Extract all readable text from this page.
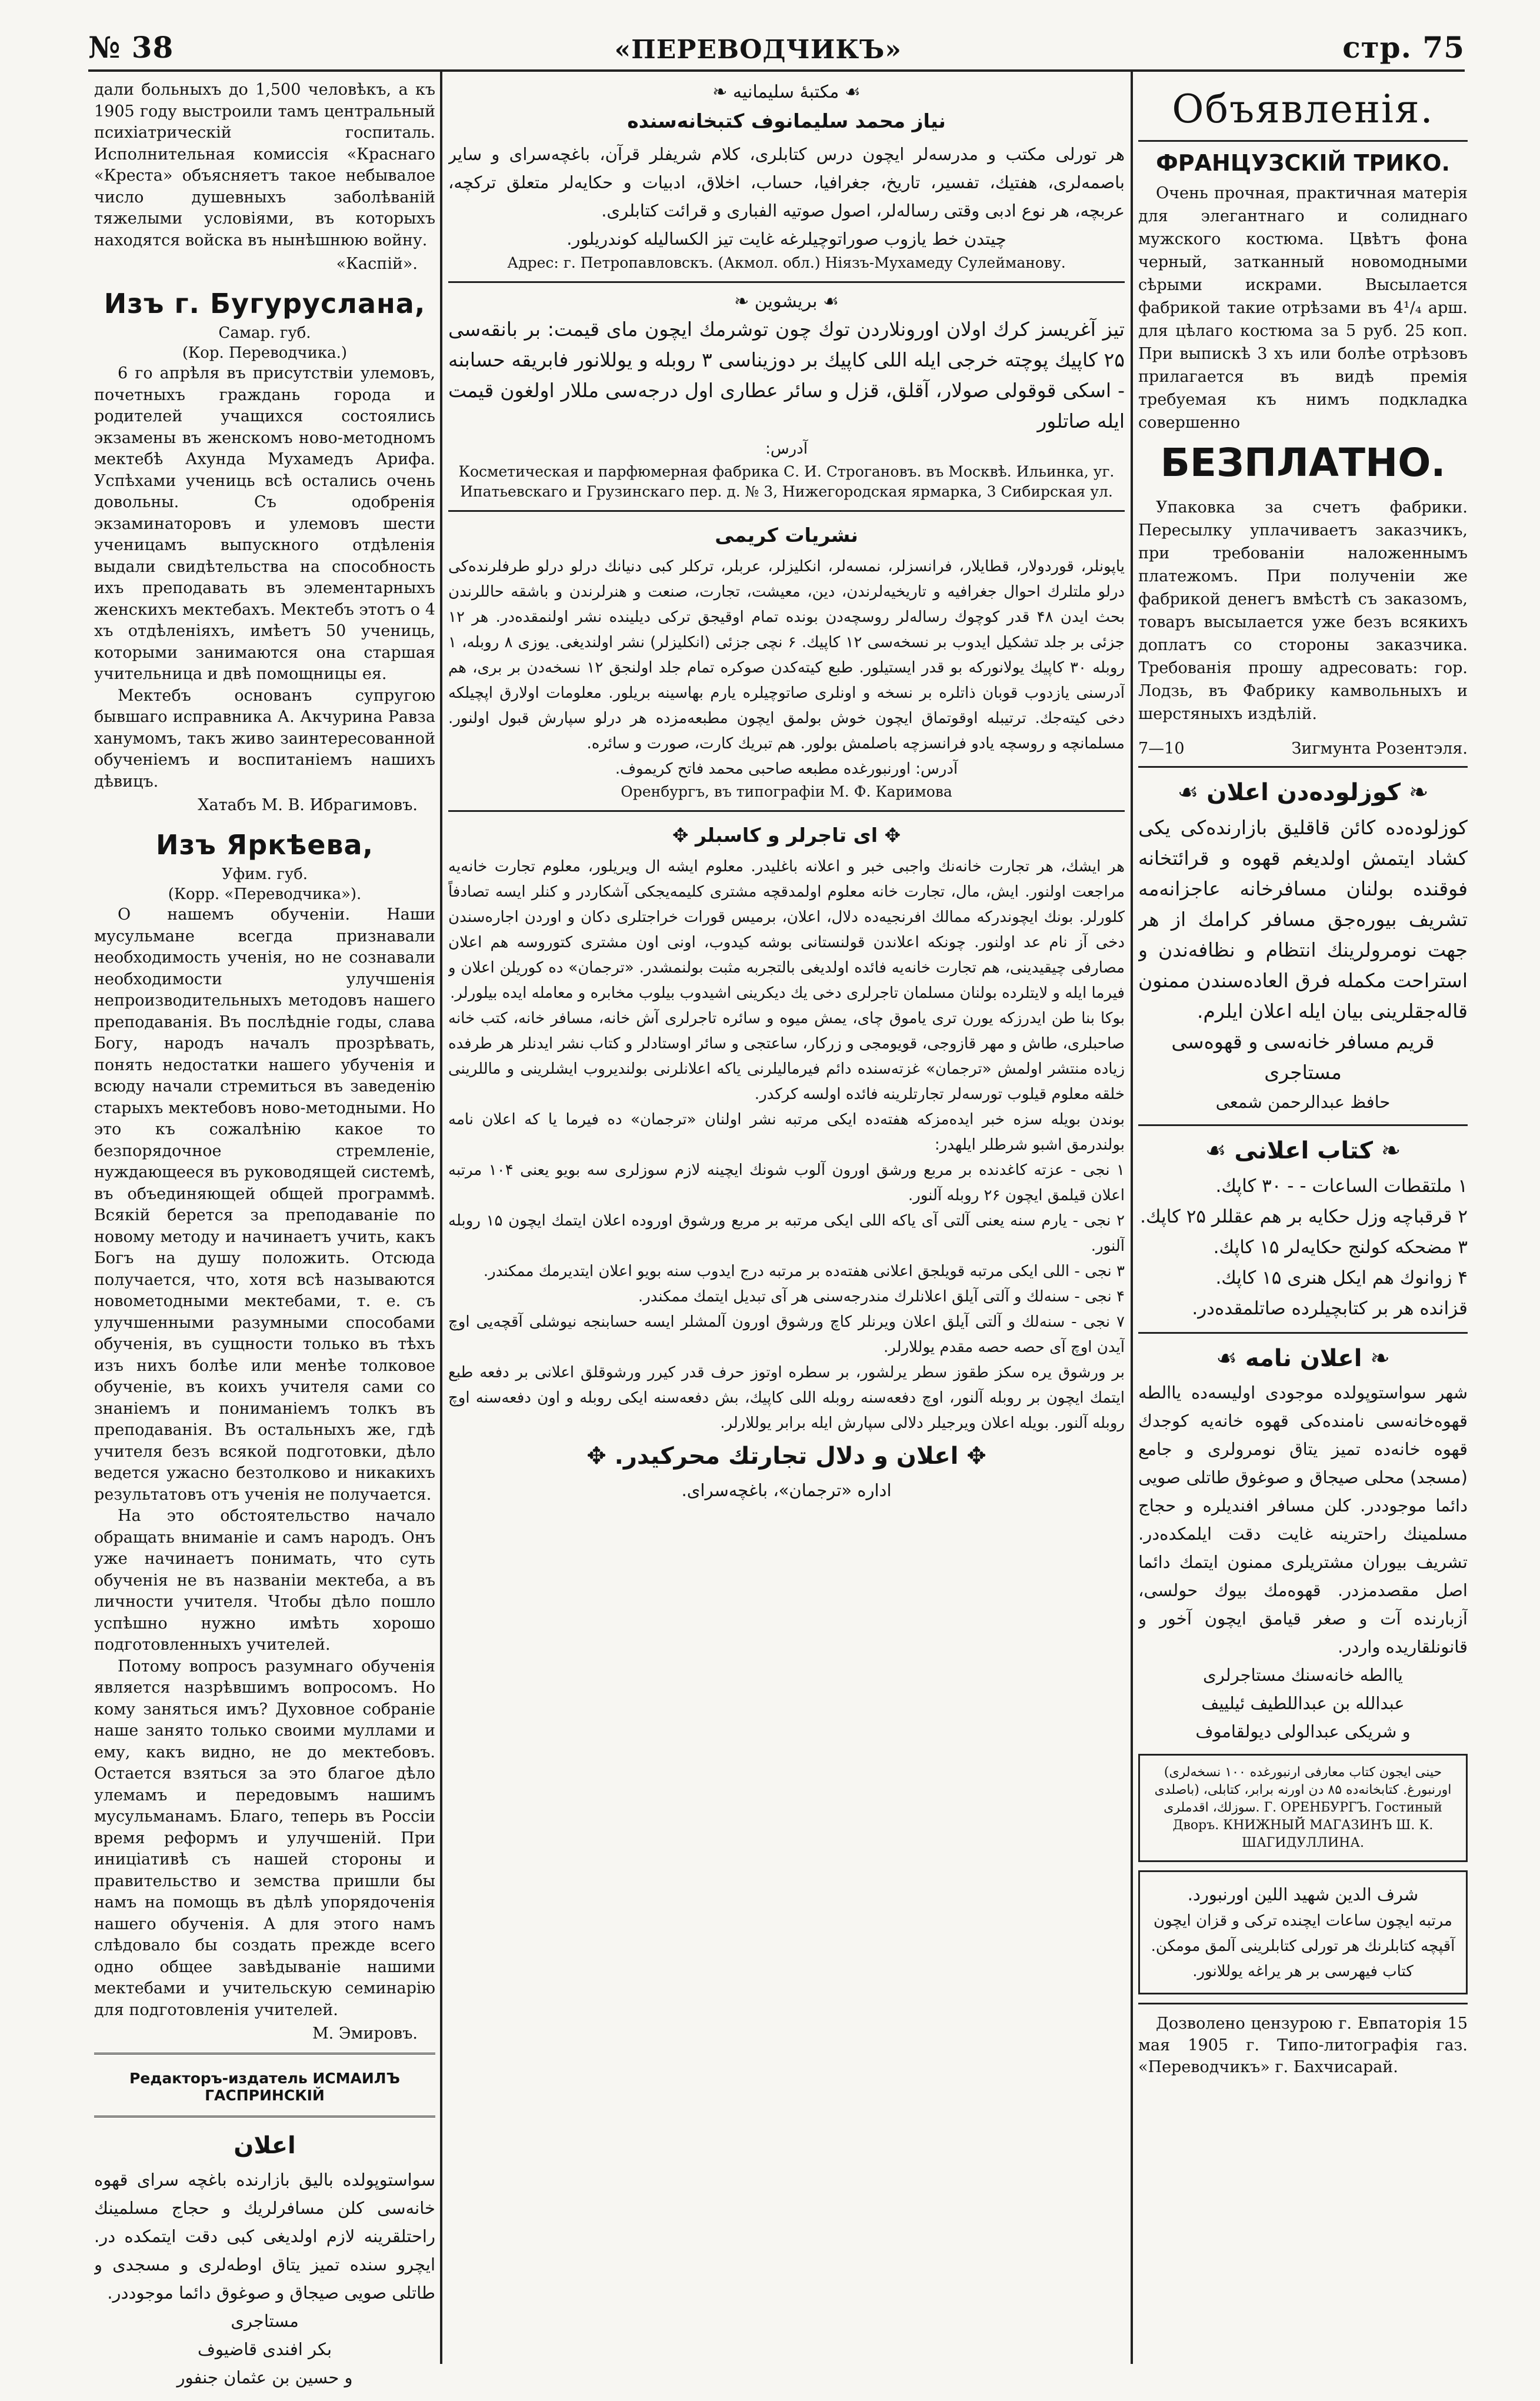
№ 38	«ПЕРЕВОДЧИКЪ»	стр. 75

дали больныхъ до 1,500 человѣкъ, а къ 1905 году выстроили тамъ центральный психіатрическій госпиталь. Исполнительная комиссія «Краснаго «Креста» объясняетъ такое небывалое число душевныхъ заболѣваній тяжелыми условіями, въ которыхъ находятся войска въ нынѣшнюю войну.

«Каспій».

Изъ г. Бугуруслана,

Самар. губ.

(Кор. Переводчика.)

6 го апрѣля въ присутствіи улемовъ, почетныхъ граждань города и родителей учащихся состоялись экзамены въ женскомъ ново-методномъ мектебѣ Ахунда Мухамедъ Арифа. Успѣхами учениць всѣ остались очень довольны. Съ одобренія экзаминаторовъ и улемовъ шести ученицамъ выпускного отдѣленія выдали свидѣтельства на способность ихъ преподавать въ элементарныхъ женскихъ мектебахъ. Мектебъ этотъ о 4 хъ отдѣленіяхъ, имѣетъ 50 учениць, которыми занимаются она старшая учительница и двѣ помощницы ея.

Мектебъ основанъ супругою бывшаго исправника А. Акчурина Равза ханумомъ, такъ живо заинтересованной обученіемъ и воспитаніемъ нашихъ дѣвицъ.

Хатабъ М. В. Ибрагимовъ.

Изъ Яркѣева,

Уфим. губ.

(Корр. «Переводчика»).

О нашемъ обученіи. Наши мусульмане всегда признавали необходимость ученія, но не сознавали необходимости улучшенія непроизводительныхъ методовъ нашего преподаванія. Въ послѣдніе годы, слава Богу, народъ началъ прозрѣвать, понять недостатки нашего убученія и всюду начали стремиться въ заведенію старыхъ мектебовъ ново-методными. Но это къ сожалѣнію какое то безпорядочное стремленіе, нуждающееся въ руководящей системѣ, въ объединяющей общей программѣ. Всякій берется за преподаваніе по новому методу и начинаетъ учить, какъ Богъ на душу положить. Отсюда получается, что, хотя всѣ называются новометодными мектебами, т. е. съ улучшенными разумными способами обученія, въ сущности только въ тѣхъ изъ нихъ болѣе или менѣе толковое обученіе, въ коихъ учителя сами со знаніемъ и пониманіемъ толкъ въ преподаванія. Въ остальныхъ же, гдѣ учителя безъ всякой подготовки, дѣло ведется ужасно безтолково и никакихъ результатовъ отъ ученія не получается.

На это обстоятельство начало обращать вниманіе и самъ народъ. Онъ уже начинаетъ понимать, что суть обученія не въ названіи мектеба, а въ личности учителя. Чтобы дѣло пошло успѣшно нужно имѣть хорошо подготовленныхъ учителей.

Потому вопросъ разумнаго обученія является назрѣвшимъ вопросомъ. Но кому заняться имъ? Духовное собраніе наше занято только своими муллами и ему, какъ видно, не до мектебовъ. Остается взяться за это благое дѣло улемамъ и передовымъ нашимъ мусульманамъ. Благо, теперь въ Россіи время реформъ и улучшеній. При иниціативѣ съ нашей стороны и правительство и земства пришли бы намъ на помощь въ дѣлѣ упорядоченія нашего обученія. А для этого намъ слѣдовало бы создать прежде всего одно общее завѣдываніе нашими мектебами и учительскую семинарію для подготовленія учителей.

М. Эмировъ.

Редакторъ-издатель ИСМАИЛЪ ГАСПРИНСКІЙ
اعلان

سواستوپولده باليق بازارنده باغچه سراى قهوه خانه‌سى كلن مسافرلريك و حجاج مسلمينك راحتلقرينه لازم اولديغى كبى دقت ايتمكده در. ايچرو سنده تميز يتاق اوطه‌لرى و مسجدى و طاتلى صويى صيجاق و صوغوق دائما موجوددر.

مستاجرى

بكر افندى قاضيوف

و حسين بن عثمان جنفور

❧ مكتبهٔ سليمانيه ☙

نياز محمد سليمانوف كتبخانه‌سنده

هر تورلى مكتب و مدرسه‌لر ايچون درس كتابلرى، كلام شريفلر قرآن، باغچه‌سراى و ساير باصمه‌لرى، هفتيك، تفسير، تاريخ، جغرافيا، حساب، اخلاق، ادبيات و حكايه‌لر متعلق تركچه، عربچه، هر نوع ادبى وقتى رساله‌لر، اصول صوتيه الفبارى و قرائت كتابلرى.

چيتدن خط يازوب صوراتوچيلرغه غايت تيز الكساليله كوندريلور.

Адрес: г. Петропавловскъ. (Акмол. обл.) Ніязъ-Мухамеду Сулейманову.

❧ بريشوين ☙

تيز آغريسز كرك اولان اورونلاردن توك چون توشرمك ايچون ماى قيمت: بر بانقه‌سى ۲۵ كاپيك پوچته خرجى ايله اللى كاپيك بر دوزيناسى ۳ روبله و يوللانور فابريقه حسابنه - اسكى قوقولى صولار، آقلق، قزل و سائر عطارى اول درجه‌سى مللار اولغون قيمت ايله صاتلور

آدرس:

Косметическая и парфюмерная фабрика С. И. Строгановъ. въ Москвѣ. Ильинка, уг.

Ипатьевскаго и Грузинскаго пер. д. № 3, Нижегородская ярмарка, 3 Сибирская ул.

نشريات كريمى

ياپونلر، قوردولار، قطايلار، فرانسزلر، نمسه‌لر، انكليزلر، عربلر، تركلر كبى دنيانك درلو درلو طرفلرنده‌كى درلو ملتلرك احوال جغرافيه و تاريخيه‌لرندن، دين، معيشت، تجارت، صنعت و هنرلرندن و باشقه حاللرندن بحث ايدن ۴۸ قدر كوچوك رساله‌لر روسچه‌دن بونده تمام اوقيجق تركى ديلينده نشر اولنمقده‌در. هر ۱۲ جزئى بر جلد تشكيل ايدوب بر نسخه‌سى ۱۲ كاپيك. ۶ نچى جزئى (انكليزلر) نشر اولنديغى. يوزى ۸ روبله، ۱ روبله ۳۰ كاپيك يولانوركه بو قدر ايستيلور. طبع كيته‌كدن صوكره تمام جلد اولنجق ۱۲ نسخه‌دن بر برى، هم آدرسنى يازدوب قوبان ذاتلره بر نسخه و اونلرى صاتوچيلره يارم بهاسينه بريلور. معلومات اولارق اپچيلكه دخى كيته‌جك. ترتيبله اوقوتماق ايچون خوش بولمق ايچون مطبعه‌مزده هر درلو سپارش قبول اولنور. مسلمانچه و روسچه يادو فرانسزچه باصلمش بولور. هم تبريك كارت، صورت و سائره.

آدرس: اورنبورغده مطبعه صاحبى محمد فاتح كريموف.

Оренбургъ, въ типографіи М. Ф. Каримова

✥ اى تاجرلر و كاسبلر ✥

هر ايشك، هر تجارت خانه‌نك واجبى خبر و اعلانه باغليدر. معلوم ايشه ال ويريلور، معلوم تجارت خانه‌يه مراجعت اولنور. ايش، مال، تجارت خانه معلوم اولمدقچه مشترى كليمه‌يجكى آشكاردر و كنلر ايسه تصادفاً كلورلر. بونك ايچوندركه ممالك افرنجيه‌ده دلال، اعلان، برميس قورات خراجتلرى دكان و اوردن اجاره‌سندن دخى آز نام عد اولنور. چونكه اعلاندن قولنستانى بوشه كيدوب، اونى اون مشترى كتوروسه هم اعلان مصارفى چيقيدينى، هم تجارت خانه‌يه فائده اولديغى بالتجربه مثبت بولنمشدر. «ترجمان» ده كوريلن اعلان و فيرما ايله و لايتلرده بولنان مسلمان تاجرلرى دخى يك ديكرينى اشيدوب بيلوب مخابره و معامله ايده بيلورلر.

بوكا بنا طن ايدرزكه يورن ترى ياموق چاى، يمش ميوه و سائره تاجرلرى آش خانه، مسافر خانه، كتب خانه صاحبلرى، طاش و مهر قازوجى، قويومجى و زركار، ساعتجى و سائر اوستادلر و كتاب نشر ايدنلر هر طرفده زياده منتشر اولمش «ترجمان» غزته‌سنده دائم فيرماليلرنى ياكه اعلانلرنى بولنديروب ايشلرينى و ماللرينى خلقه معلوم قيلوب تورسه‌لر تجارتلرينه فائده اولسه كركدر.

بوندن بويله سزه خبر ايده‌مزكه هفته‌ده ايكى مرتبه نشر اولنان «ترجمان» ده فيرما يا كه اعلان نامه بولندرمق اشبو شرطلر ايلهدر:

۱ نجى - عزته كاغدنده بر مربع ورشق اورون آلوب شونك ايچينه لازم سوزلرى سه بويو يعنى ۱۰۴ مرتبه اعلان قيلمق ايچون ۲۶ روبله آلنور.

۲ نجى - يارم سنه يعنى آلتى آى ياكه اللى ايكى مرتبه بر مربع ورشوق اوروده اعلان ايتمك ايچون ۱۵ روبله آلنور.

۳ نجى - اللى ايكى مرتبه قويلجق اعلانى هفته‌ده بر مرتبه درج ايدوب سنه بويو اعلان ايتديرمك ممكندر.

۴ نجى - سنه‌لك و آلتى آيلق اعلانلرك مندرجه‌سنى هر آى تبديل ايتمك ممكندر.

۷ نجى - سنه‌لك و آلتى آيلق اعلان ويرنلر كاچ ورشوق اورون آلمشلر ايسه حسابنجه نيوشلى آقچه‌يى اوچ آيدن اوچ آى حصه حصه مقدم يوللارلر.

بر ورشوق يره سكز طقوز سطر يرلشور، بر سطره اوتوز حرف قدر كيرر ورشوقلق اعلانى بر دفعه طبع ايتمك ايچون بر روبله آلنور، اوچ دفعه‌سنه روبله اللى كاپيك، بش دفعه‌سنه ايكى روبله و اون دفعه‌سنه اوچ روبله آلنور. بويله اعلان ويرجيلر دلالى سپارش ايله برابر يوللارلر.

✥ اعلان و دلال تجارتك محركيدر. ✥

اداره «ترجمان»، باغچه‌سراى.

Объявленія.
ФРАНЦУЗСКІЙ ТРИКО.

Очень прочная, практичная матерія для элегантнаго и солиднаго мужского костюма. Цвѣтъ фона черный, затканный новомодными сѣрыми искрами. Высылается фабрикой такие отрѣзами въ 4¹/₄ арш. для цѣлаго костюма за 5 руб. 25 коп. При выпискѣ 3 хъ или болѣе отрѣзовъ прилагается въ видѣ премія требуемая къ нимъ подкладка совершенно

БЕЗПЛАТНО.

Упаковка за счетъ фабрики. Пересылку уплачиваетъ заказчикъ, при требованіи наложеннымъ платежомъ. При полученіи же фабрикой денегъ вмѣстѣ съ заказомъ, товаръ высылается уже безъ всякихъ доплатъ со стороны заказчика. Требованія прошу адресовать: гор. Лодзь, въ Фабрику камвольныхъ и шерстяныхъ издѣлій.

7—10	Зигмунта Розентэля.
❧ كوزلوده‌دن اعلان ☙

كوزلوده‌ده كائن قاقليق بازارنده‌كى يكى كشاد ايتمش اولديغم قهوه و قرائتخانه فوقنده بولنان مسافرخانه عاجزانه‌مه تشريف بيوره‌جق مسافر كرامك از هر جهت نومرولرينك انتظام و نظافه‌ندن و استراحت مكمله فرق العاده‌سندن ممنون قاله‌جقلرينى بيان ايله اعلان ايلرم.

قريم مسافر خانه‌سى و قهوه‌سى مستاجرى

حافظ عبدالرحمن شمعى

❧ كتاب اعلانى ☙

۱ ملتقطات الساعات - - ۳۰ كاپك.

۲ قرقباچه وزل حكايه بر هم عقللر ۲۵ كاپك.

۳ مضحكه كولنج حكايه‌لر ۱۵ كاپك.

۴ زوانوك هم ايكل هنرى ۱۵ كاپك.

قزانده هر بر كتابچيلرده صاتلمقده‌در.

❧ اعلان نامه ☙

شهر سواستوپولده موجودى اوليسه‌ده ياالطه قهوه‌خانه‌سى نامنده‌كى قهوه خانه‌يه كوجدك قهوه خانه‌ده تميز يتاق نومرولرى و جامع (مسجد) محلى صيجاق و صوغوق طاتلى صويى دائما موجوددر. كلن مسافر افنديلره و حجاج مسلمينك راحترينه غايت دقت ايلمكده‌در. تشريف بيوران مشتريلرى ممنون ايتمك دائما اصل مقصدمزدر. قهوه‌مك بيوك حولسى، آزبارنده آت و صغر قيامق ايچون آخور و قانونلقاريده واردر.

ياالطه خانه‌سنك مستاجرلرى

عبدالله بن عبداللطيف ئيلييف

و شريكى عبدالولى ديولقاموف

(حينى ايجون كتاب معارفى ارنبورغده ۱۰۰ نسخه‌لرى باصلدى) اورنبورغ. كتابخانه‌ده ۸۵ دن اورنه برابر، كتابلى، سوزلك، اقدملرى. Г. ОРЕНБУРГЪ. Гостиный Дворъ. КНИЖНЫЙ МАГАЗИНЪ Ш. К. ШАГИДУЛЛИНА.

شرف الدين شهيد اللين اورنبورد.

مرتبه ايچون ساعات ايچنده تركى و قزان ايچون آقپچه كتابلرنك هر تورلى كتابلرينى آلمق مومكن. كتاب فيهرسى بر هر يراغه يوللانور.

Дозволено цензурою г. Евпаторія 15 мая 1905 г. Типо-литографія газ. «Переводчикъ» г. Бахчисарай.
